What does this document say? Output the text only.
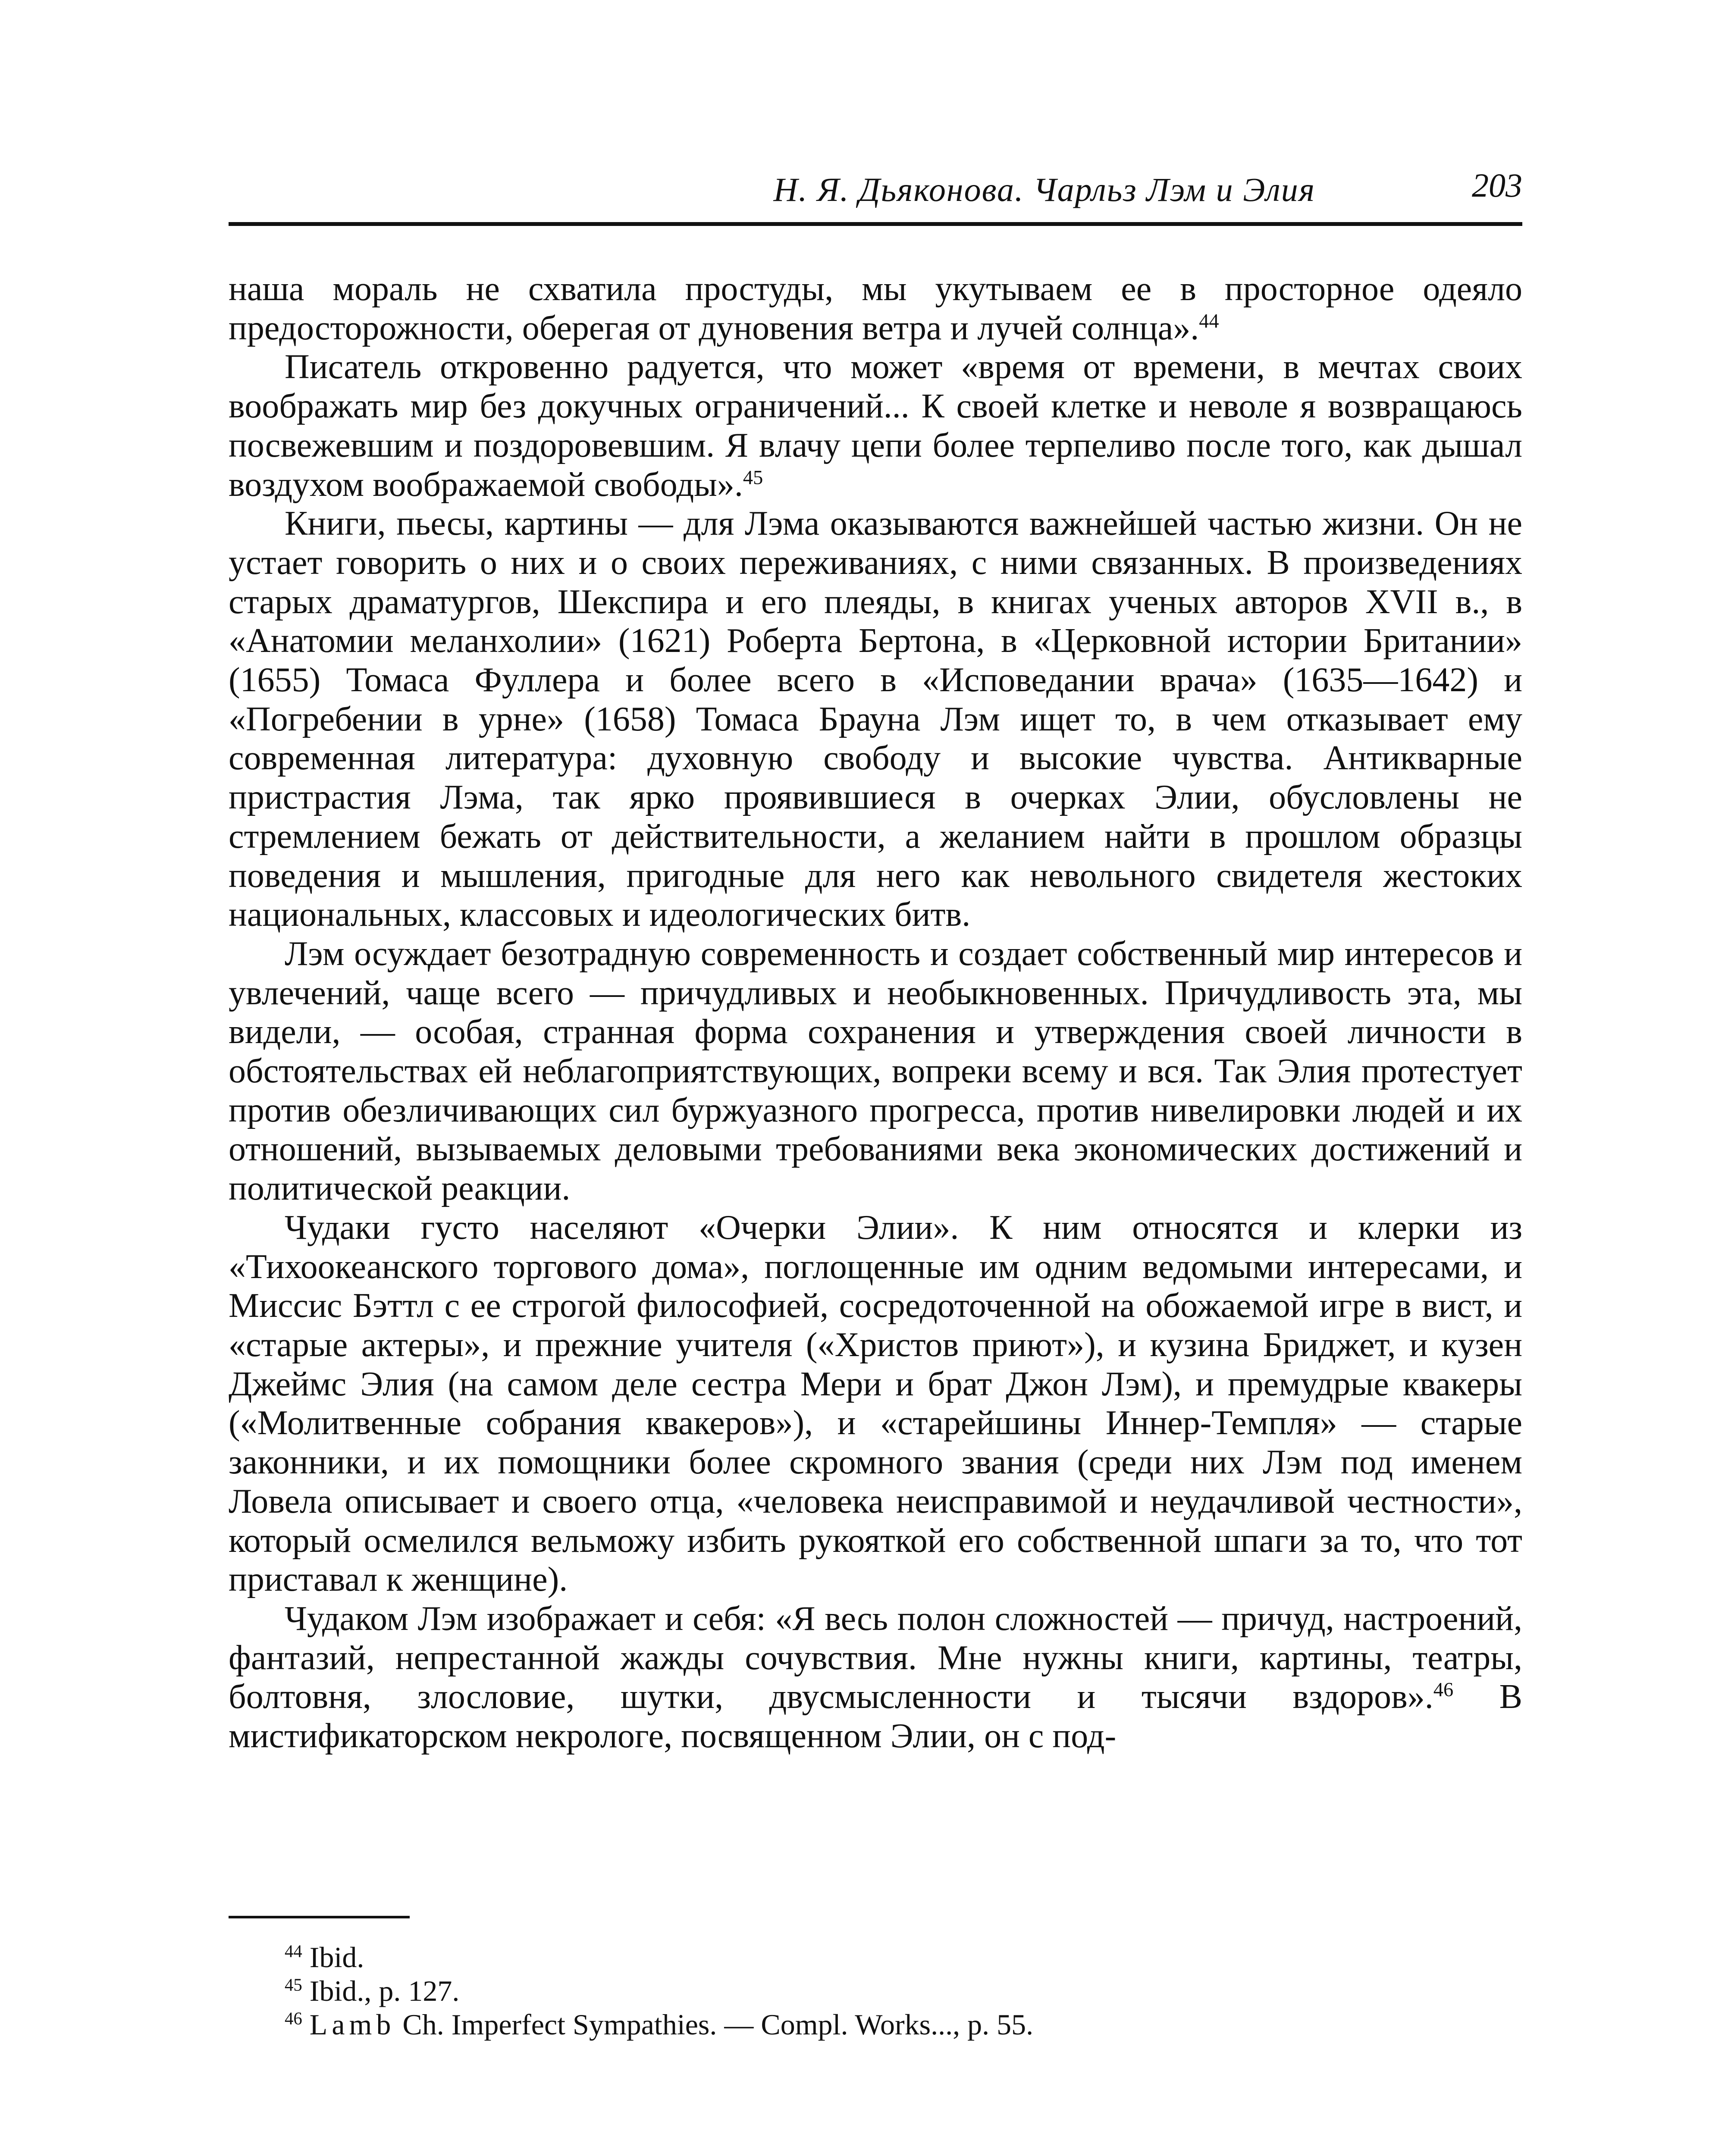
Н. Я. Дьяконова. Чарльз Лэм и Элия	203

наша мораль не схватила простуды, мы укутываем ее в просторное одеяло предосторожности, оберегая от дуновения ветра и лучей солнца».$^{44}$

Писатель откровенно радуется, что может «время от времени, в мечтах своих воображать мир без докучных ограничений... К своей клетке и неволе я возвращаюсь посвежевшим и поздоровевшим. Я влачу цепи более терпеливо после того, как дышал воздухом воображаемой свободы».$^{45}$

Книги, пьесы, картины — для Лэма оказываются важнейшей частью жизни. Он не устает говорить о них и о своих переживаниях, с ними связанных. В произведениях старых драматургов, Шекспира и его плеяды, в книгах ученых авторов XVII в., в «Анатомии меланхолии» (1621) Роберта Бертона, в «Церковной истории Британии» (1655) Томаса Фуллера и более всего в «Исповедании врача» (1635—1642) и «Погребении в урне» (1658) Томаса Брауна Лэм ищет то, в чем отказывает ему современная литература: духовную свободу и высокие чувства. Антикварные пристрастия Лэма, так ярко проявившиеся в очерках Элии, обусловлены не стремлением бежать от действительности, а желанием найти в прошлом образцы поведения и мышления, пригодные для него как невольного свидетеля жестоких национальных, классовых и идеологических битв.

Лэм осуждает безотрадную современность и создает собственный мир интересов и увлечений, чаще всего — причудливых и необыкновенных. Причудливость эта, мы видели, — особая, странная форма сохранения и утверждения своей личности в обстоятельствах ей неблагоприятствующих, вопреки всему и вся. Так Элия протестует против обезличивающих сил буржуазного прогресса, против нивелировки людей и их отношений, вызываемых деловыми требованиями века экономических достижений и политической реакции.

Чудаки густо населяют «Очерки Элии». К ним относятся и клерки из «Тихоокеанского торгового дома», поглощенные им одним ведомыми интересами, и Миссис Бэттл с ее строгой философией, сосредоточенной на обожаемой игре в вист, и «старые актеры», и прежние учителя («Христов приют»), и кузина Бриджет, и кузен Джеймс Элия (на самом деле сестра Мери и брат Джон Лэм), и премудрые квакеры («Молитвенные собрания квакеров»), и «старейшины Иннер-Темпля» — старые законники, и их помощники более скромного звания (среди них Лэм под именем Ловела описывает и своего отца, «человека неисправимой и неудачливой честности», который осмелился вельможу избить рукояткой его собственной шпаги за то, что тот приставал к женщине).

Чудаком Лэм изображает и себя: «Я весь полон сложностей — причуд, настроений, фантазий, непрестанной жажды сочувствия. Мне нужны книги, картины, театры, болтовня, злословие, шутки, двусмысленности и тысячи вздоров».$^{46}$ В мистификаторском некрологе, посвященном Элии, он с под-

$^{44}$ Ibid.

$^{45}$ Ibid., p. 127.

$^{46}$ Lamb Ch. Imperfect Sympathies. — Compl. Works..., p. 55.
